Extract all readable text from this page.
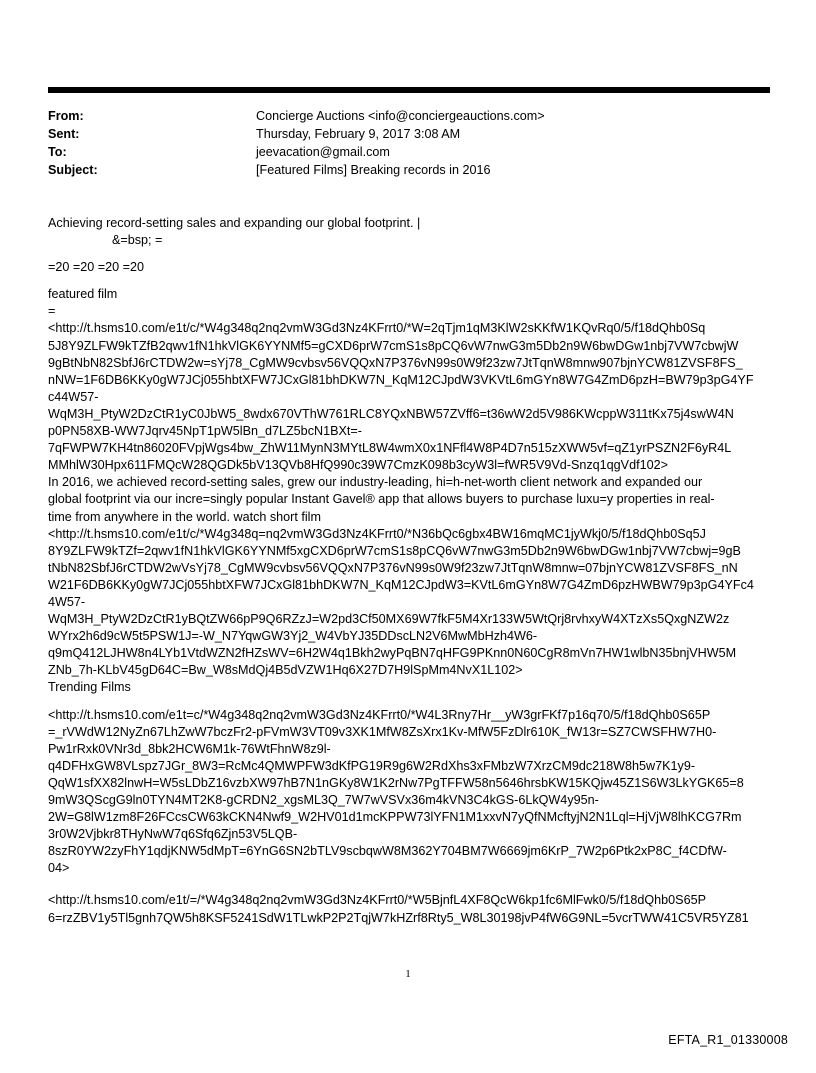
From:	Concierge Auctions <info@conciergeauctions.com>
Sent:	Thursday, February 9, 2017 3:08 AM
To:	jeevacation@gmail.com
Subject:	[Featured Films] Breaking records in 2016
Achieving record-setting sales and expanding our global footprint. |
&=bsp; =
=20 =20 =20 =20
featured film
=
<http://t.hsms10.com/e1t/c/*W4g348q2nq2vmW3Gd3Nz4KFrrt0/*W=2qTjm1qM3KlW2sKKfW1KQvRq0/5/f18dQhb0Sq
5J8Y9ZLFW9kTZfB2qwv1fN1hkVlGK6YYNMf5=gCXD6prW7cmS1s8pCQ6vW7nwG3m5Db2n9W6bwDGw1nbj7VW7cbwjW
9gBtNbN82SbfJ6rCTDW2w=sYj78_CgMW9cvbsv56VQQxN7P376vN99s0W9f23zw7JtTqnW8mnw907bjnYCW81ZVSF8FS_
nNW=1F6DB6KKy0gW7JCj055hbtXFW7JCxGl81bhDKW7N_KqM12CJpdW3VKVtL6mGYn8W7G4ZmD6pzH=BW79p3pG4YF
c44W57-
WqM3H_PtyW2DzCtR1yC0JbW5_8wdx670VThW761RLC8YQxNBW57ZVff6=t36wW2d5V986KWcppW311tKx75j4swW4N
p0PN58XB-WW7Jqrv45NpT1pW5lBn_d7LZ5bcN1BXt=-
7qFWPW7KH4tn86020FVpjWgs4bw_ZhW11MynN3MYtL8W4wmX0x1NFfl4W8P4D7n515zXWW5vf=qZ1yrPSZN2F6yR4L
MMhlW30Hpx611FMQcW28QGDk5bV13QVb8HfQ990c39W7CmzK098b3cyW3l=fWR5V9Vd-Snzq1qgVdf102>
In 2016, we achieved record-setting sales, grew our industry-leading, hi=h-net-worth client network and expanded our
global footprint via our incre=singly popular Instant Gavel® app that allows buyers to purchase luxu=y properties in real-
time from anywhere in the world. watch short film
<http://t.hsms10.com/e1t/c/*W4g348q=nq2vmW3Gd3Nz4KFrrt0/*N36bQc6gbx4BW16mqMC1jyWkj0/5/f18dQhb0Sq5J
8Y9ZLFW9kTZf=2qwv1fN1hkVlGK6YYNMf5xgCXD6prW7cmS1s8pCQ6vW7nwG3m5Db2n9W6bwDGw1nbj7VW7cbwj=9gB
tNbN82SbfJ6rCTDW2wVsYj78_CgMW9cvbsv56VQQxN7P376vN99s0W9f23zw7JtTqnW8mnw=07bjnYCW81ZVSF8FS_nN
W21F6DB6KKy0gW7JCj055hbtXFW7JCxGl81bhDKW7N_KqM12CJpdW3=KVtL6mGYn8W7G4ZmD6pzHWBW79p3pG4YFc4
4W57-
WqM3H_PtyW2DzCtR1yBQtZW66pP9Q6RZzJ=W2pd3Cf50MX69W7fkF5M4Xr133W5WtQrj8rvhxyW4XTzXs5QxgNZW2z
WYrx2h6d9cW5t5PSW1J=-W_N7YqwGW3Yj2_W4VbYJ35DDscLN2V6MwMbHzh4W6-
q9mQ412LJHW8n4LYb1VtdWZN2fHZsWV=6H2W4q1Bkh2wyPqBN7qHFG9PKnn0N60CgR8mVn7HW1wlbN35bnjVHW5M
ZNb_7h-KLbV45gD64C=Bw_W8sMdQj4B5dVZW1Hq6X27D7H9lSpMm4NvX1L102>
Trending Films
<http://t.hsms10.com/e1t=c/*W4g348q2nq2vmW3Gd3Nz4KFrrt0/*W4L3Rny7Hr__yW3grFKf7p16q70/5/f18dQhb0S65P
=_rVWdW12NyZn67LhZwW7bczFr2-pFVmW3VT09v3XK1MfW8ZsXrx1Kv-MfW5FzDlr610K_fW13r=SZ7CWSFHW7H0-
Pw1rRxk0VNr3d_8bk2HCW6M1k-76WtFhnW8z9l-
q4DFHxGW8VLspz7JGr_8W3=RcMc4QMWPFW3dKfPG19R9g6W2RdXhs3xFMbzW7XrzCM9dc218W8h5w7K1y9-
QqW1sfXX82lnwH=W5sLDbZ16vzbXW97hB7N1nGKy8W1K2rNw7PgTFFW58n5646hrsbKW15KQjw45Z1S6W3LkYGK65=8
9mW3QScgG9ln0TYN4MT2K8-gCRDN2_xgsML3Q_7W7wVSVx36m4kVN3C4kGS-6LkQW4y95n-
2W=G8lW1zm8F26FCcsCW63kCKN4Nwf9_W2HV01d1mcKPPW73lYFN1M1xxvN7yQfNMcftyjN2N1Lql=HjVjW8lhKCG7Rm
3r0W2Vjbkr8THyNwW7q6Sfq6Zjn53V5LQB-
8szR0YW2zyFhY1qdjKNW5dMpT=6YnG6SN2bTLV9scbqwW8M362Y704BM7W6669jm6KrP_7W2p6Ptk2xP8C_f4CDfW-
04>
<http://t.hsms10.com/e1t/=/*W4g348q2nq2vmW3Gd3Nz4KFrrt0/*W5BjnfL4XF8QcW6kp1fc6MlFwk0/5/f18dQhb0S65P
6=rzZBV1y5Tl5gnh7QW5h8KSF5241SdW1TLwkP2P2TqjW7kHZrf8Rty5_W8L30198jvP4fW6G9NL=5vcrTWW41C5VR5YZ81
1
EFTA_R1_01330008
